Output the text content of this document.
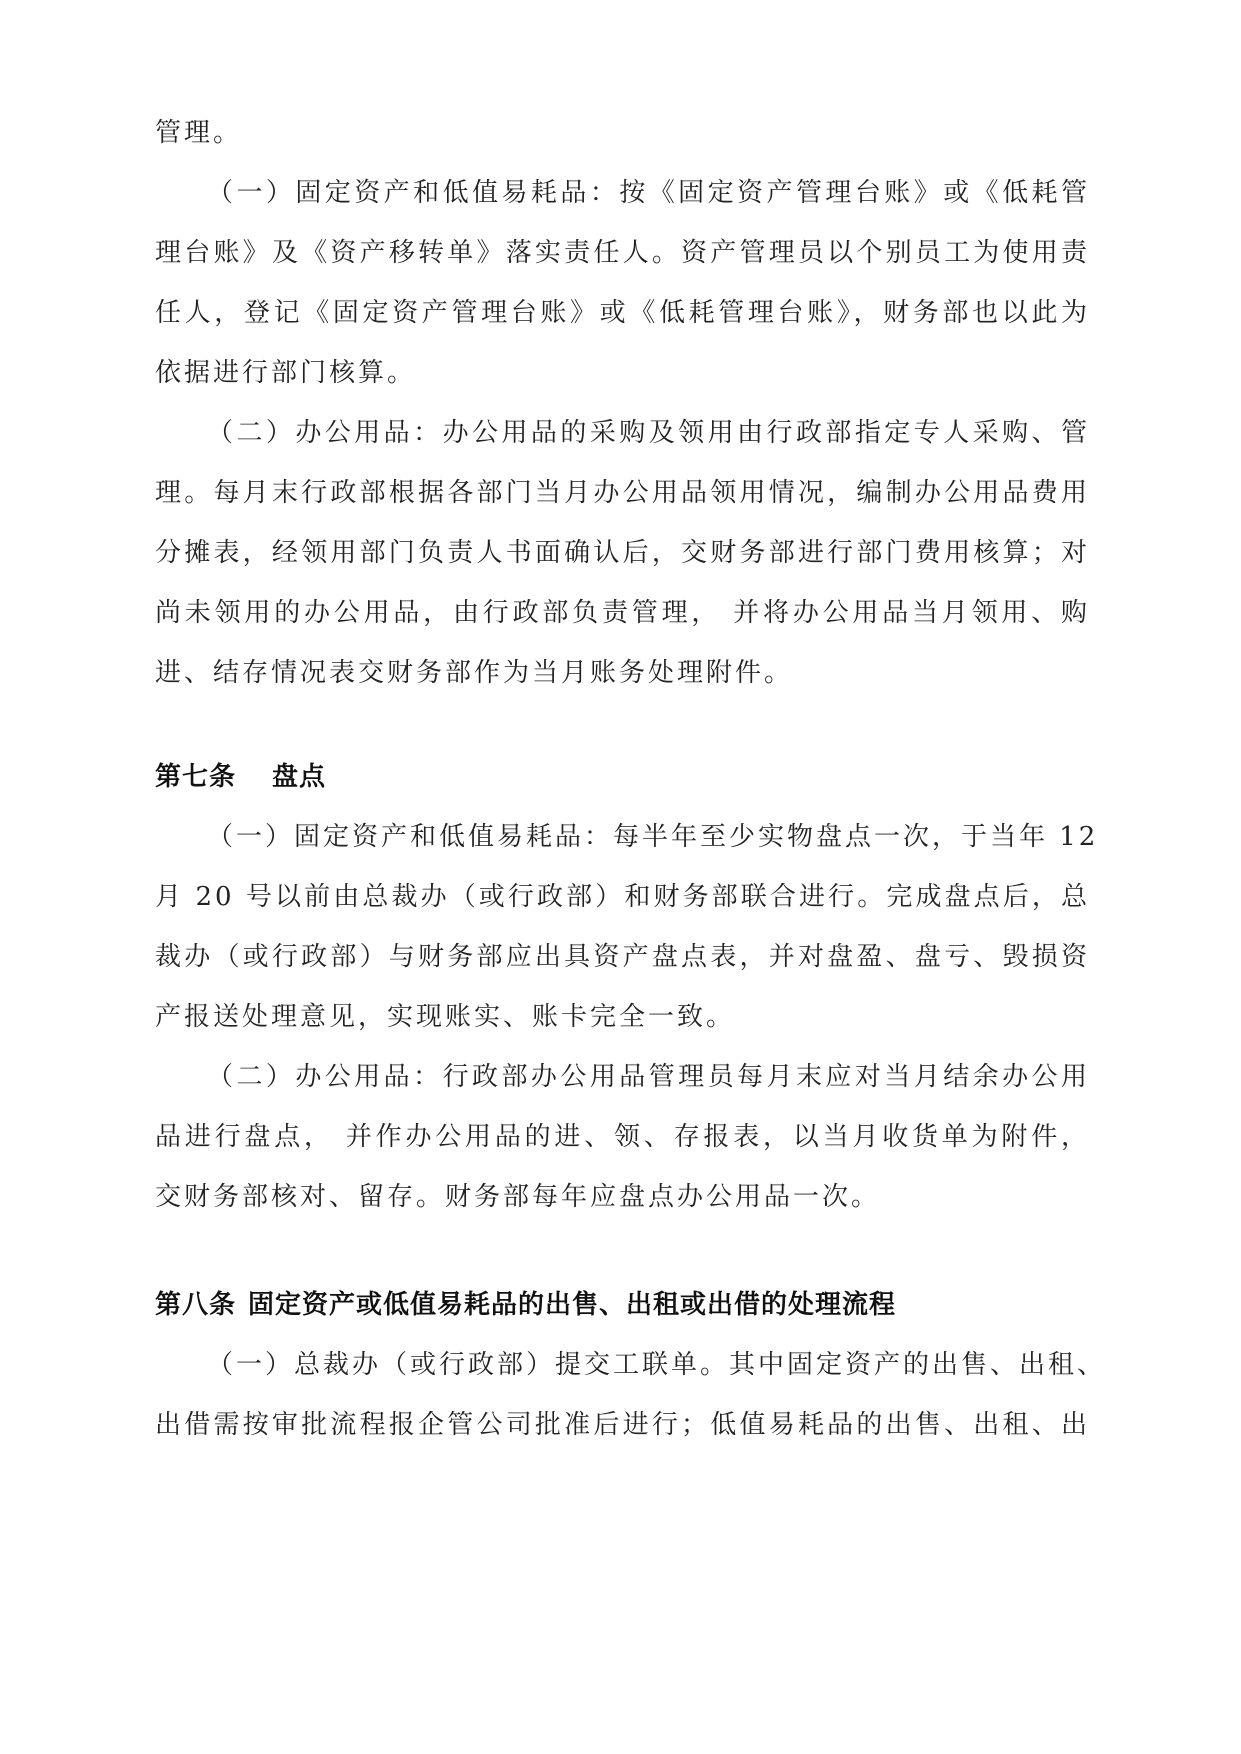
管理。
（一）固定资产和低值易耗品：按《固定资产管理台账》或《低耗管
理台账》及《资产移转单》落实责任人。资产管理员以个别员工为使用责
任人，登记《固定资产管理台账》或《低耗管理台账》，财务部也以此为
依据进行部门核算。
（二）办公用品：办公用品的采购及领用由行政部指定专人采购、管
理。每月末行政部根据各部门当月办公用品领用情况，编制办公用品费用
分摊表，经领用部门负责人书面确认后，交财务部进行部门费用核算；对
尚未领用的办公用品，由行政部负责管理， 并将办公用品当月领用、购
进、结存情况表交财务部作为当月账务处理附件。
第七条 盘点
（一）固定资产和低值易耗品：每半年至少实物盘点一次，于当年 12
月 20 号以前由总裁办（或行政部）和财务部联合进行。完成盘点后，总
裁办（或行政部）与财务部应出具资产盘点表，并对盘盈、盘亏、毁损资
产报送处理意见，实现账实、账卡完全一致。
（二）办公用品：行政部办公用品管理员每月末应对当月结余办公用
品进行盘点， 并作办公用品的进、领、存报表，以当月收货单为附件，
交财务部核对、留存。财务部每年应盘点办公用品一次。
第八条 固定资产或低值易耗品的出售、出租或出借的处理流程
（一）总裁办（或行政部）提交工联单。其中固定资产的出售、出租、
出借需按审批流程报企管公司批准后进行；低值易耗品的出售、出租、出
